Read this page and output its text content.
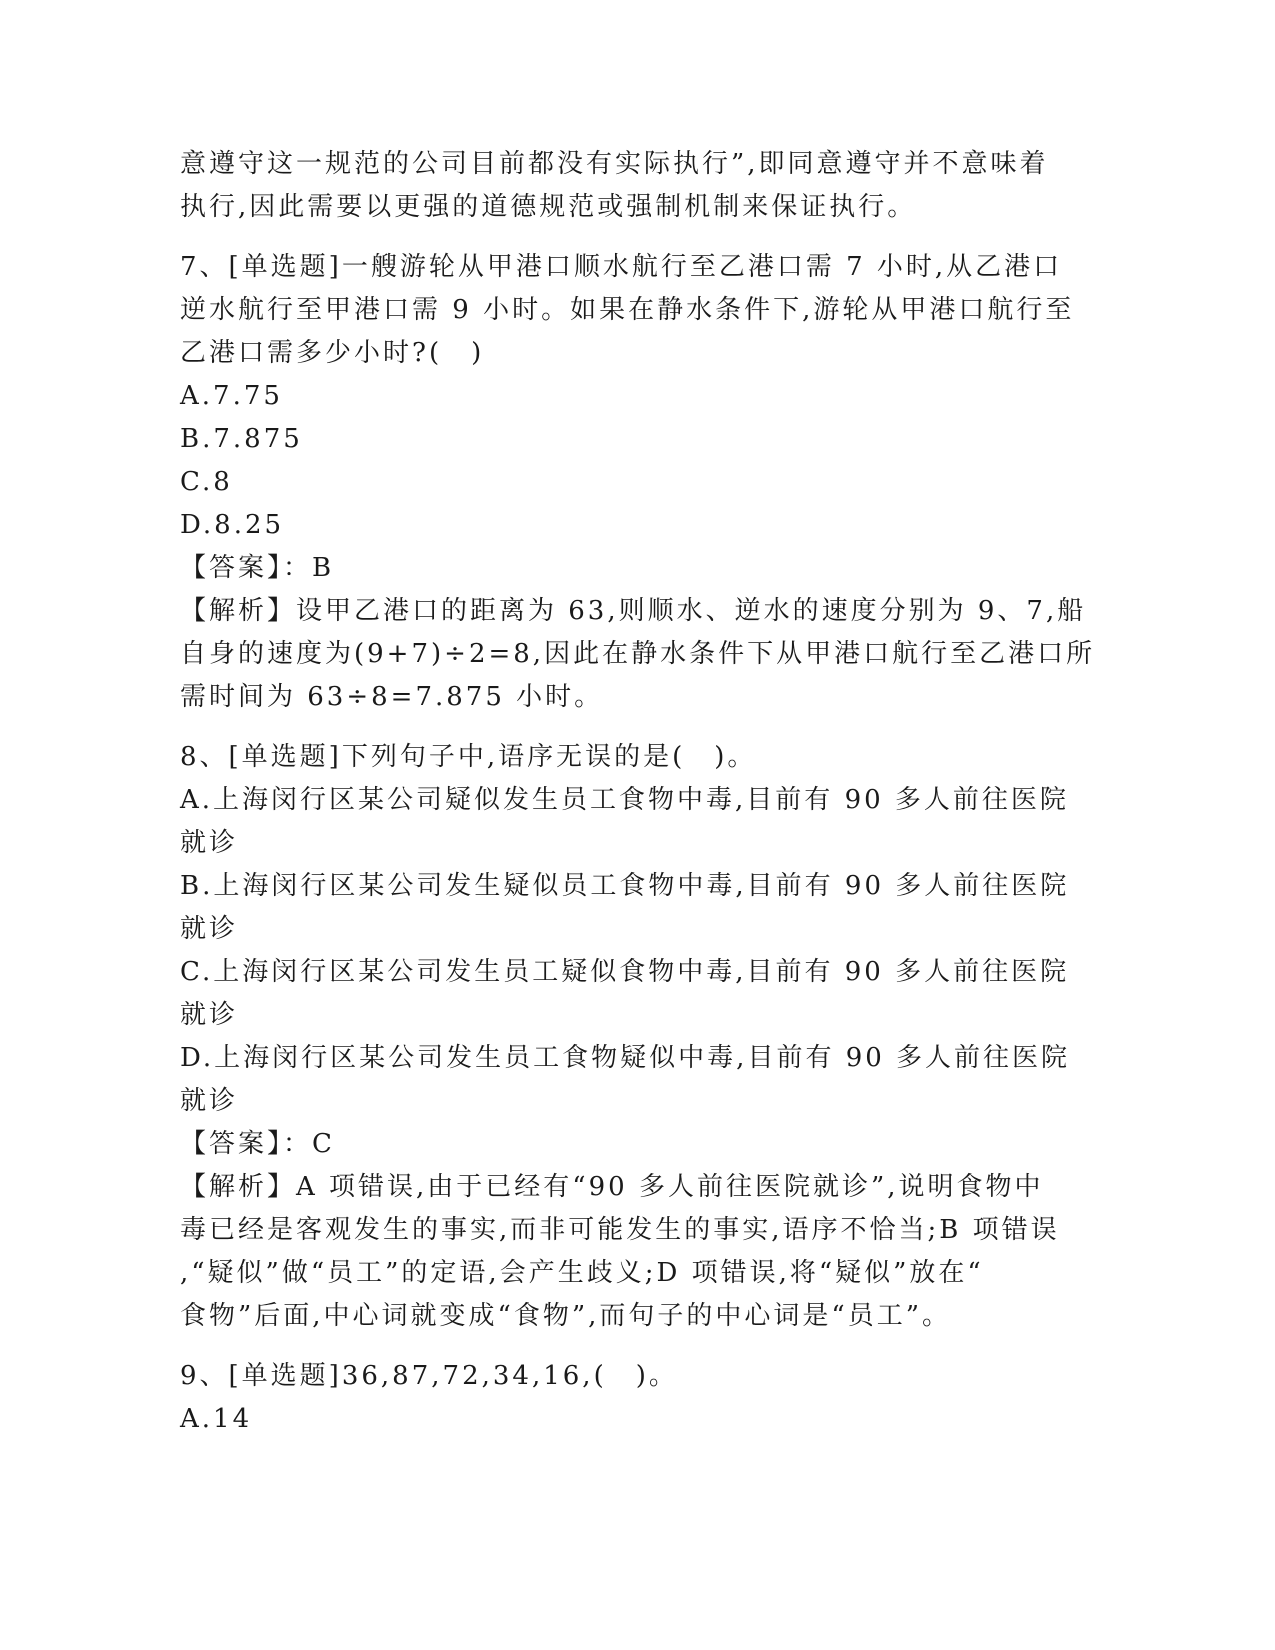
意遵守这一规范的公司目前都没有实际执行”,即同意遵守并不意味着
执行,因此需要以更强的道德规范或强制机制来保证执行。
7、[单选题]一艘游轮从甲港口顺水航行至乙港口需 7 小时,从乙港口
逆水航行至甲港口需 9 小时。如果在静水条件下,游轮从甲港口航行至
乙港口需多少小时?(　)
A.7.75
B.7.875
C.8
D.8.25
【答案】：B
【解析】设甲乙港口的距离为 63,则顺水、逆水的速度分别为 9、7,船
自身的速度为(9+7)÷2=8,因此在静水条件下从甲港口航行至乙港口所
需时间为 63÷8=7.875 小时。
8、[单选题]下列句子中,语序无误的是(　)。
A.上海闵行区某公司疑似发生员工食物中毒,目前有 90 多人前往医院
就诊
B.上海闵行区某公司发生疑似员工食物中毒,目前有 90 多人前往医院
就诊
C.上海闵行区某公司发生员工疑似食物中毒,目前有 90 多人前往医院
就诊
D.上海闵行区某公司发生员工食物疑似中毒,目前有 90 多人前往医院
就诊
【答案】：C
【解析】A 项错误,由于已经有“90 多人前往医院就诊”,说明食物中
毒已经是客观发生的事实,而非可能发生的事实,语序不恰当;B 项错误
,“疑似”做“员工”的定语,会产生歧义;D 项错误,将“疑似”放在“
食物”后面,中心词就变成“食物”,而句子的中心词是“员工”。
9、[单选题]36,87,72,34,16,(　)。
A.14
